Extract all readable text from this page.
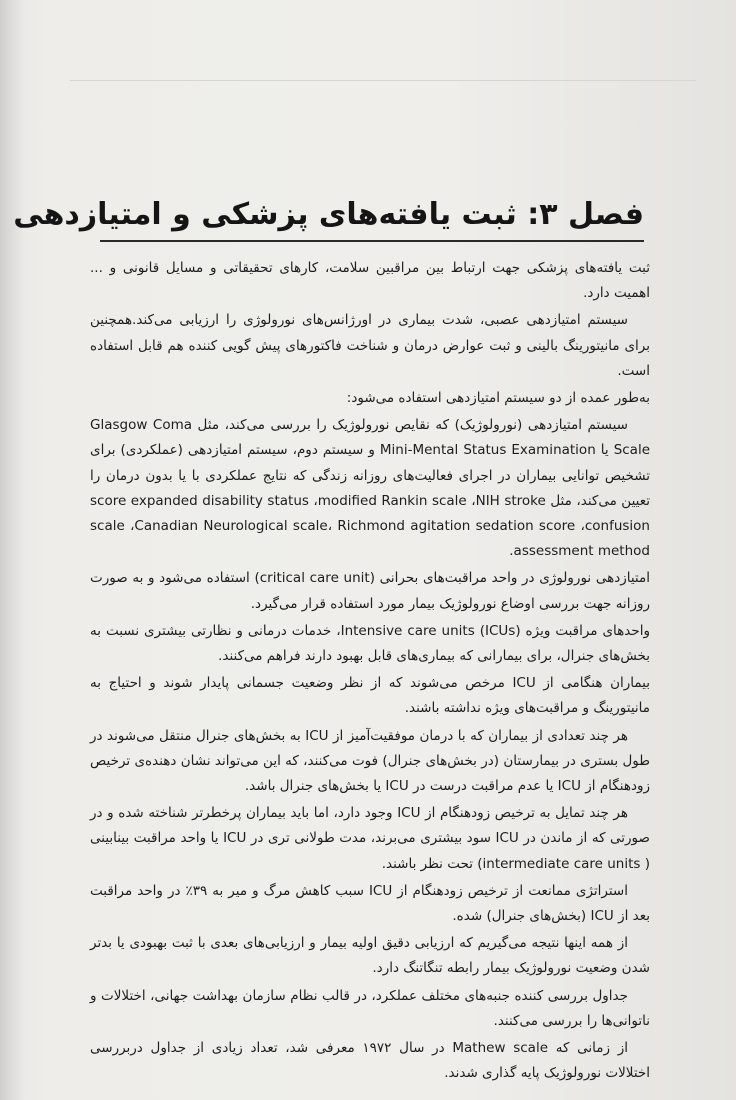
فصل ۳: ثبت یافته‌های پزشکی و امتیازدهی

ثبت یافته‌های پزشکی جهت ارتباط بین مراقبین سلامت، کارهای تحقیقاتی و مسایل قانونی و ... اهمیت دارد.

سیستم امتیازدهی عصبی، شدت بیماری در اورژانس‌های نورولوژی را ارزیابی می‌کند.همچنین برای مانیتورینگ بالینی و ثبت عوارض درمان و شناخت فاکتورهای پیش گویی کننده هم قابل استفاده است.

به‌طور عمده از دو سیستم امتیازدهی استفاده می‌شود:

سیستم امتیازدهی (نورولوژیک) که نقایص نورولوژیک را بررسی می‌کند، مثل Glasgow Coma Scale یا Mini-Mental Status Examination و سیستم دوم، سیستم امتیازدهی (عملکردی) برای تشخیص توانایی بیماران در اجرای فعالیت‌های روزانه زندگی که نتایج عملکردی با یا بدون درمان را تعیین می‌کند، مثل score expanded disability status ،modified Rankin scale ،NIH stroke scale ،Canadian Neurological scale، Richmond agitation sedation score ،confusion assessment method.

امتیازدهی نورولوژی در واحد مراقبت‌های بحرانی (critical care unit) استفاده می‌شود و به صورت روزانه جهت بررسی اوضاع نورولوژیک بیمار مورد استفاده قرار می‌گیرد.

واحدهای مراقبت ویژه (Intensive care units (ICUs، خدمات درمانی و نظارتی بیشتری نسبت به بخش‌های جنرال، برای بیمارانی که بیماری‌های قابل بهبود دارند فراهم می‌کنند.

بیماران هنگامی از ICU مرخص می‌شوند که از نظر وضعیت جسمانی پایدار شوند و احتیاج به مانیتورینگ و مراقبت‌های ویژه نداشته باشند.

هر چند تعدادی از بیماران که با درمان موفقیت‌آمیز از ICU به بخش‌های جنرال منتقل می‌شوند در طول بستری در بیمارستان (در بخش‌های جنرال) فوت می‌کنند، که این می‌تواند نشان دهنده‌ی ترخیص زودهنگام از ICU یا عدم مراقبت درست در ICU یا بخش‌های جنرال باشد.

هر چند تمایل به ترخیص زودهنگام از ICU وجود دارد، اما باید بیماران پرخطرتر شناخته شده و در صورتی که از ماندن در ICU سود بیشتری می‌برند، مدت طولانی تری در ICU یا واحد مراقبت بینابینی ( intermediate care units) تحت نظر باشند.

استراتژی ممانعت از ترخیص زودهنگام از ICU سبب کاهش مرگ و میر به ۳۹٪ در واحد مراقبت بعد از ICU (بخش‌های جنرال) شده.

از همه اینها نتیجه می‌گیریم که ارزیابی دقیق اولیه بیمار و ارزیابی‌های بعدی با ثبت بهبودی یا بدتر شدن وضعیت نورولوژیک بیمار رابطه تنگاتنگ دارد.

جداول بررسی کننده جنبه‌های مختلف عملکرد، در قالب نظام سازمان بهداشت جهانی، اختلالات و ناتوانی‌ها را بررسی می‌کنند.

از زمانی که Mathew scale در سال ۱۹۷۲ معرفی شد، تعداد زیادی از جداول دربررسی اختلالات نورولوژیک پایه گذاری شدند.
